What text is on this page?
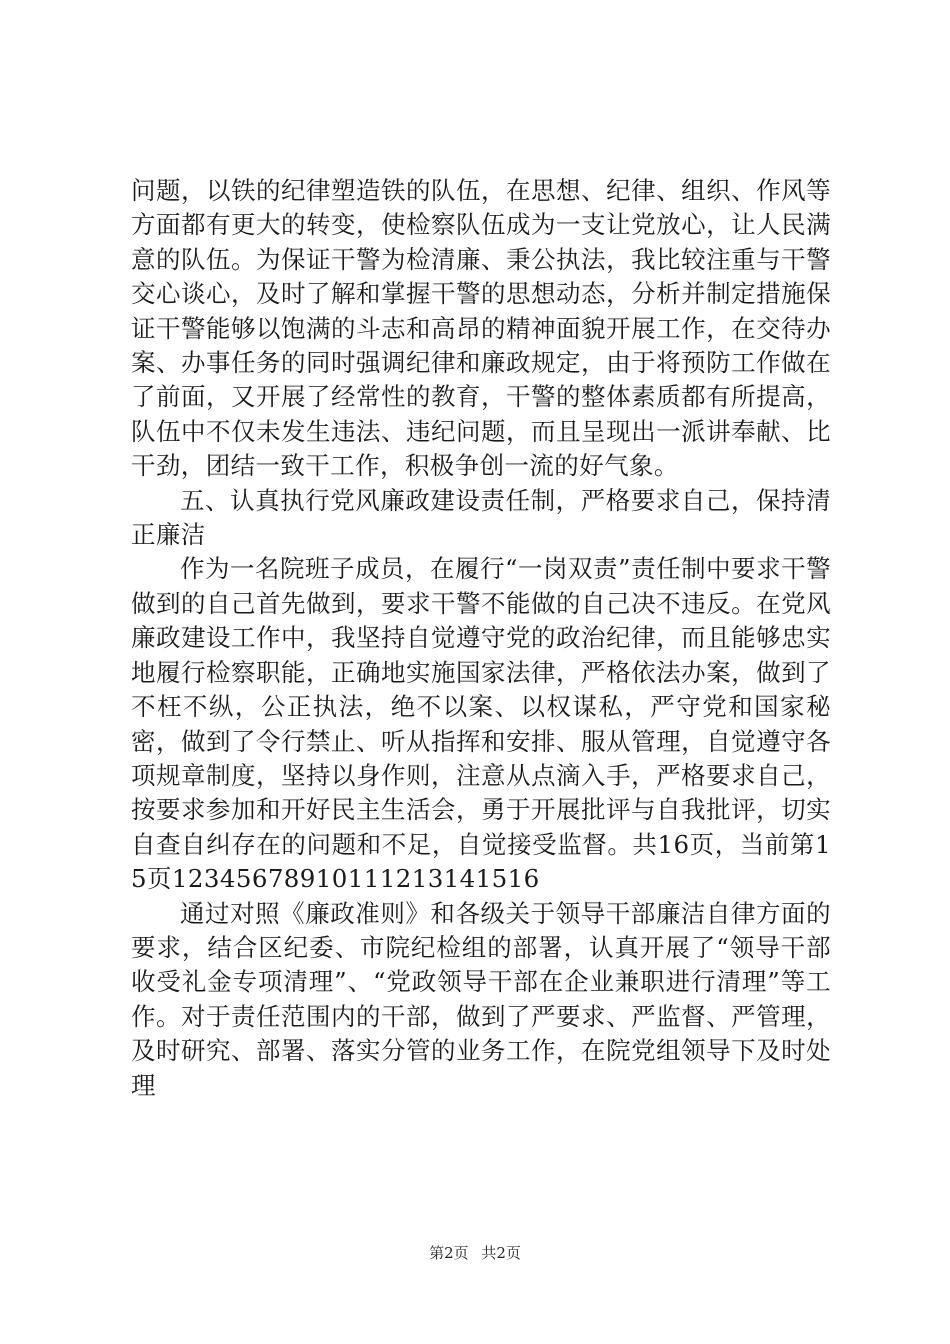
问题，以铁的纪律塑造铁的队伍，在思想、纪律、组织、作风等方面都有更大的转变，使检察队伍成为一支让党放心，让人民满意的队伍。为保证干警为检清廉、秉公执法，我比较注重与干警交心谈心，及时了解和掌握干警的思想动态，分析并制定措施保证干警能够以饱满的斗志和高昂的精神面貌开展工作，在交待办案、办事任务的同时强调纪律和廉政规定，由于将预防工作做在了前面，又开展了经常性的教育，干警的整体素质都有所提高，队伍中不仅未发生违法、违纪问题，而且呈现出一派讲奉献、比干劲，团结一致干工作，积极争创一流的好气象。

五、认真执行党风廉政建设责任制，严格要求自己，保持清正廉洁

作为一名院班子成员，在履行“一岗双责”责任制中要求干警做到的自己首先做到，要求干警不能做的自己决不违反。在党风廉政建设工作中，我坚持自觉遵守党的政治纪律，而且能够忠实地履行检察职能，正确地实施国家法律，严格依法办案，做到了不枉不纵，公正执法，绝不以案、以权谋私，严守党和国家秘密，做到了令行禁止、听从指挥和安排、服从管理，自觉遵守各项规章制度，坚持以身作则，注意从点滴入手，严格要求自己，按要求参加和开好民主生活会，勇于开展批评与自我批评，切实自查自纠存在的问题和不足，自觉接受监督。共16页，当前第15页12345678910111213141516

通过对照《廉政准则》和各级关于领导干部廉洁自律方面的要求，结合区纪委、市院纪检组的部署，认真开展了“领导干部收受礼金专项清理”、“党政领导干部在企业兼职进行清理”等工作。对于责任范围内的干部，做到了严要求、严监督、严管理，及时研究、部署、落实分管的业务工作，在院党组领导下及时处理

第2页 共2页
